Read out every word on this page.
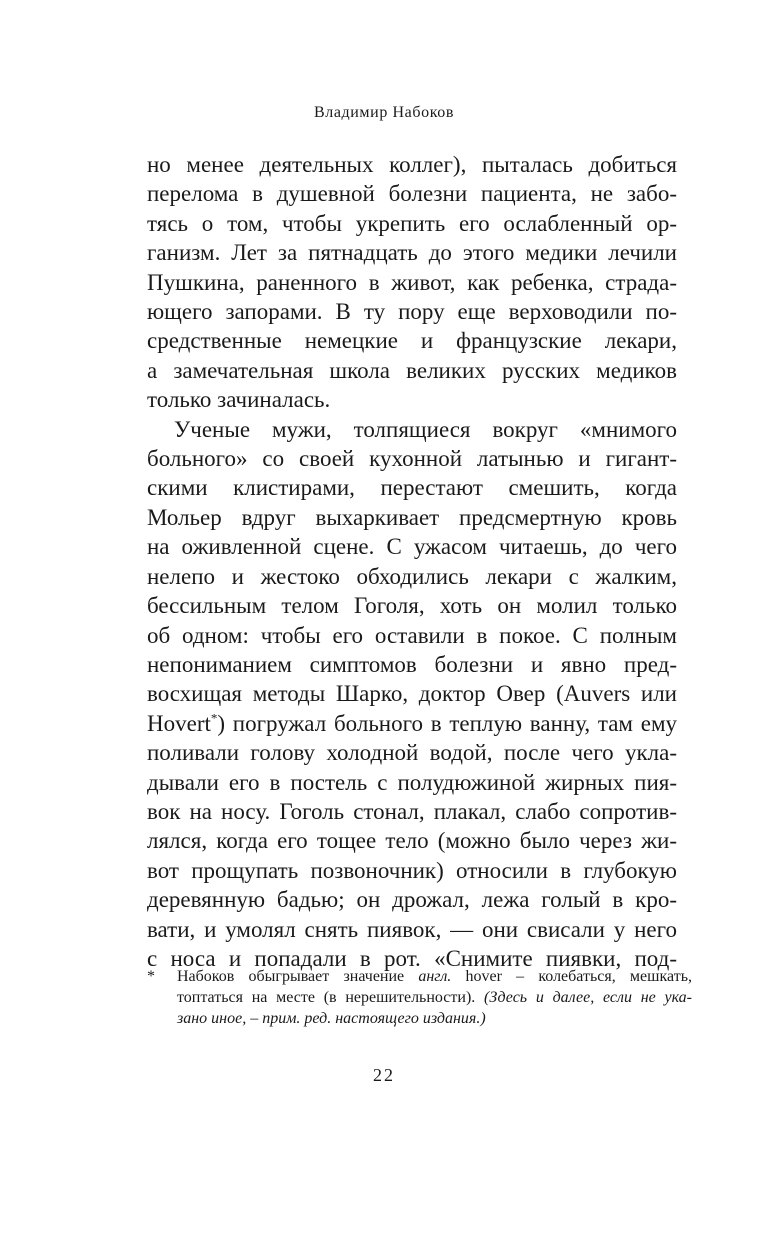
Владимир Набоков
но менее деятельных коллег), пыталась добиться
перелома в душевной болезни пациента, не забо-
тясь о том, чтобы укрепить его ослабленный ор-
ганизм. Лет за пятнадцать до этого медики лечили
Пушкина, раненного в живот, как ребенка, страда-
ющего запорами. В ту пору еще верховодили по-
средственные немецкие и французские лекари,
а замечательная школа великих русских медиков
только зачиналась.
Ученые мужи, толпящиеся вокруг «мнимого
больного» со своей кухонной латынью и гигант-
скими клистирами, перестают смешить, когда
Мольер вдруг выхаркивает предсмертную кровь
на оживленной сцене. С ужасом читаешь, до чего
нелепо и жестоко обходились лекари с жалким,
бессильным телом Гоголя, хоть он молил только
об одном: чтобы его оставили в покое. С полным
непониманием симптомов болезни и явно пред-
восхищая методы Шарко, доктор Овер (Auvers или
Hovert*) погружал больного в теплую ванну, там ему
поливали голову холодной водой, после чего укла-
дывали его в постель с полудюжиной жирных пия-
вок на носу. Гоголь стонал, плакал, слабо сопротив-
лялся, когда его тощее тело (можно было через жи-
вот прощупать позвоночник) относили в глубокую
деревянную бадью; он дрожал, лежа голый в кро-
вати, и умолял снять пиявок, — они свисали у него
с носа и попадали в рот. «Снимите пиявки, под-
* Набоков обыгрывает значение англ. hover – колебаться, мешкать,
топтаться на месте (в нерешительности). (Здесь и далее, если не ука-
зано иное, – прим. ред. настоящего издания.)
22
